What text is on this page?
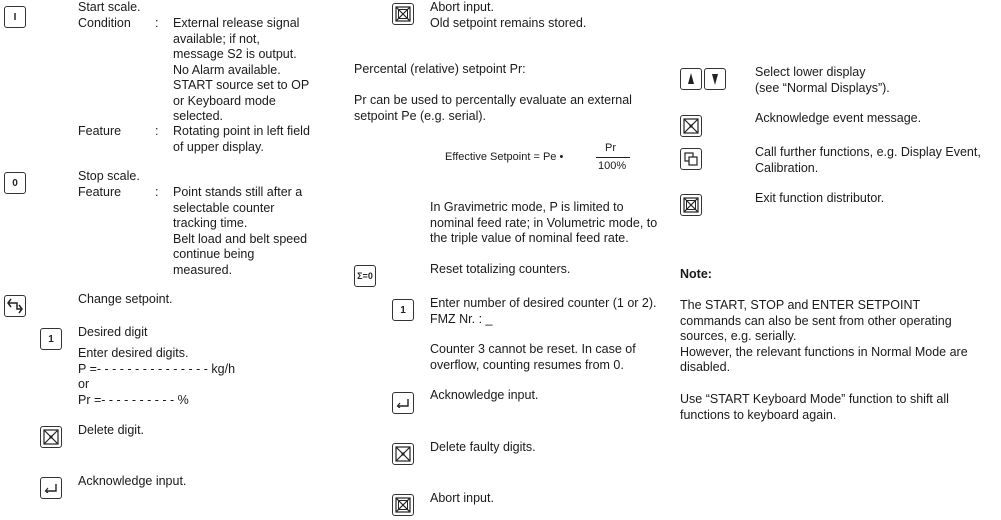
I
Start scale.
Condition : External release signal
available; if not,
message S2 is output.
No Alarm available.
START source set to OP
or Keyboard mode
selected.
Feature	: Rotating point in left field
of upper display.
0	Stop scale.
Feature	: Point stands still after a
selectable counter
tracking time.
Belt load and belt speed
continue being
measured.
Change setpoint.
1	Desired digit
Enter desired digits.
P =- - - - - - - - - - - - - - - kg/h
or
Pr =- - - - - - - - - - %
Delete digit.
Acknowledge input.
Abort input.
Old setpoint remains stored.
Percental (relative) setpoint Pr:
Pr can be used to percentally evaluate an external
setpoint Pe (e.g. serial).
Effective Setpoint = Pe •
Pr
100%
In Gravimetric mode, P is limited to
nominal feed rate; in Volumetric mode, to
the triple value of nominal feed rate.
Σ=0	Reset totalizing counters.
1	Enter number of desired counter (1 or 2).
FMZ Nr. : _
Counter 3 cannot be reset. In case of
overflow, counting resumes from 0.
Acknowledge input.
Delete faulty digits.
Abort input.
Select lower display
(see “Normal Displays”).
Acknowledge event message.
Call further functions, e.g. Display Event,
Calibration.
Exit function distributor.
Note:
The START, STOP and ENTER SETPOINT
commands can also be sent from other operating
sources, e.g. serially.
However, the relevant functions in Normal Mode are
disabled.
Use “START Keyboard Mode” function to shift all
functions to keyboard again.
